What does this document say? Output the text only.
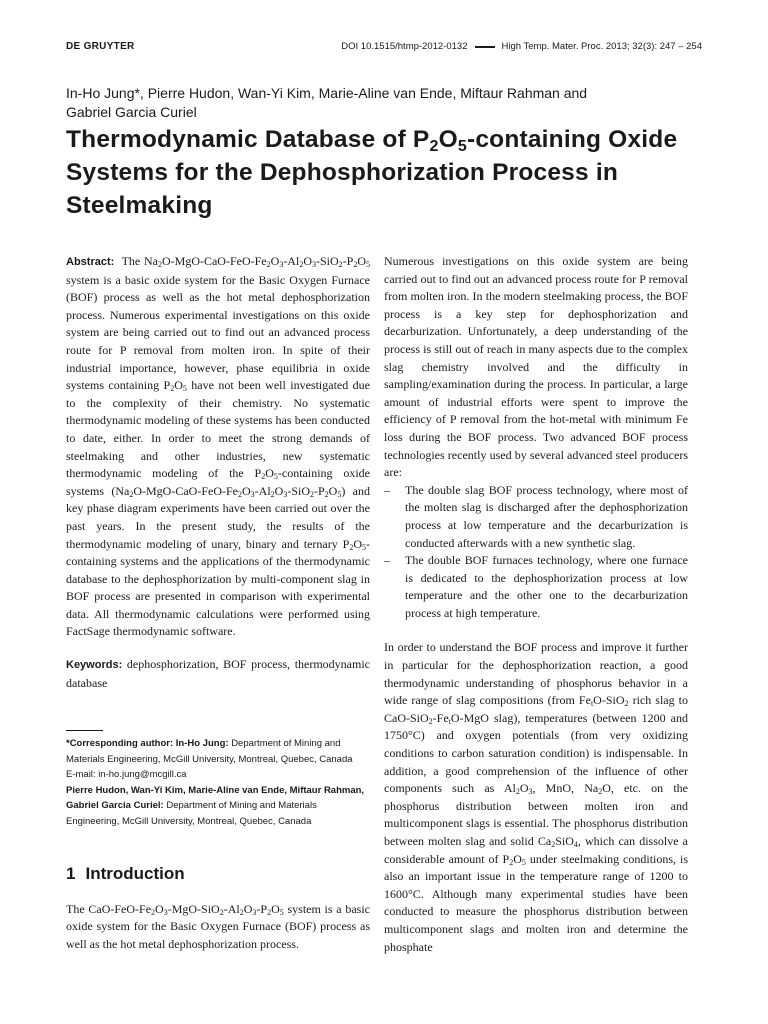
DE GRUYTER	DOI 10.1515/htmp-2012-0132	High Temp. Mater. Proc. 2013; 32(3): 247 – 254
In-Ho Jung*, Pierre Hudon, Wan-Yi Kim, Marie-Aline van Ende, Miftaur Rahman and
Gabriel Garcia Curiel
Thermodynamic Database of $P_2O_5$-containing Oxide Systems for the Dephosphorization Process in Steelmaking

Abstract: The $Na_2O-MgO-CaO-FeO-Fe_2O_3-Al_2O_3-SiO_2-P_2O_5$ system is a basic oxide system for the Basic Oxygen Furnace (BOF) process as well as the hot metal dephosphorization process. Numerous experimental investigations on this oxide system are being carried out to find out an advanced process route for P removal from molten iron. In spite of their industrial importance, however, phase equilibria in oxide systems containing $P_2O_5$ have not been well investigated due to the complexity of their chemistry. No systematic thermodynamic modeling of these systems has been conducted to date, either. In order to meet the strong demands of steelmaking and other industries, new systematic thermodynamic modeling of the $P_2O_5$-containing oxide systems $(Na_2O-MgO-CaO-FeO-Fe_2O_3-Al_2O_3-SiO_2-P_2O_5)$ and key phase diagram experiments have been carried out over the past years. In the present study, the results of the thermodynamic modeling of unary, binary and ternary $P_2O_5$-containing systems and the applications of the thermodynamic database to the dephosphorization by multi-component slag in BOF process are presented in comparison with experimental data. All thermodynamic calculations were performed using FactSage thermodynamic software.

Keywords: dephosphorization, BOF process, thermodynamic database

*Corresponding author: In-Ho Jung: Department of Mining and Materials Engineering, McGill University, Montreal, Quebec, Canada
E-mail: in-ho.jung@mcgill.ca
Pierre Hudon, Wan-Yi Kim, Marie-Aline van Ende, Miftaur Rahman, Gabriel Garcia Curiel: Department of Mining and Materials Engineering, McGill University, Montreal, Quebec, Canada
1 Introduction

The CaO-$FeO-Fe_2O_3-MgO-SiO_2-Al_2O_3-P_2O_5$ system is a basic oxide system for the Basic Oxygen Furnace (BOF) process as well as the hot metal dephosphorization process.

Numerous investigations on this oxide system are being carried out to find out an advanced process route for P removal from molten iron. In the modern steelmaking process, the BOF process is a key step for dephosphorization and decarburization. Unfortunately, a deep understanding of the process is still out of reach in many aspects due to the complex slag chemistry involved and the difficulty in sampling/examination during the process. In particular, a large amount of industrial efforts were spent to improve the efficiency of P removal from the hot-metal with minimum Fe loss during the BOF process. Two advanced BOF process technologies recently used by several advanced steel producers are:

– The double slag BOF process technology, where most of the molten slag is discharged after the dephosphorization process at low temperature and the decarburization is conducted afterwards with a new synthetic slag.
– The double BOF furnaces technology, where one furnace is dedicated to the dephosphorization process at low temperature and the other one to the decarburization process at high temperature.

In order to understand the BOF process and improve it further in particular for the dephosphorization reaction, a good thermodynamic understanding of phosphorus behavior in a wide range of slag compositions (from $Fe_tO-SiO_2$ rich slag to CaO-$SiO_2-Fe_tO$-MgO slag), temperatures (between 1200 and 1750°C) and oxygen potentials (from very oxidizing conditions to carbon saturation condition) is indispensable. In addition, a good comprehension of the influence of other components such as $Al_2O_3$, MnO, $Na_2O$, etc. on the phosphorus distribution between molten iron and multicomponent slags is essential. The phosphorus distribution between molten slag and solid $Ca_2SiO_4$, which can dissolve a considerable amount of $P_2O_5$ under steelmaking conditions, is also an important issue in the temperature range of 1200 to 1600°C. Although many experimental studies have been conducted to measure the phosphorus distribution between multicomponent slags and molten iron and determine the phosphate
